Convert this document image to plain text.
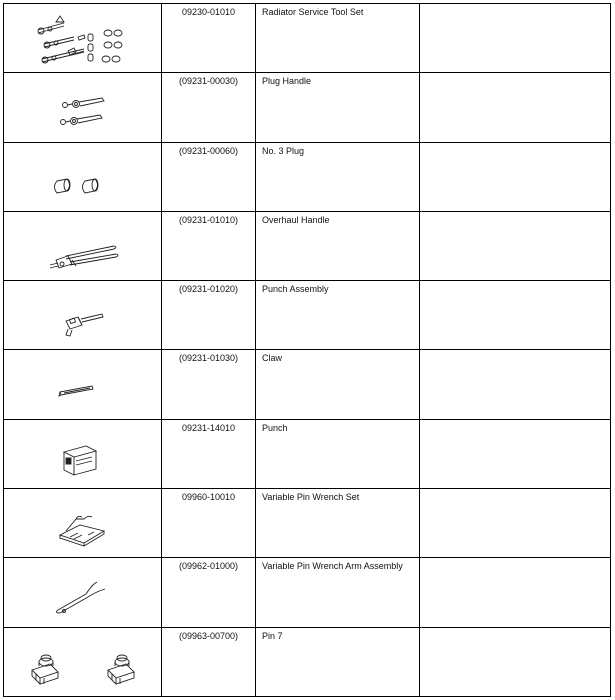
09230-01010	Radiator Service Tool Set	

(09231-00030)	Plug Handle	

(09231-00060)	No. 3 Plug	

(09231-01010)	Overhaul Handle	

(09231-01020)	Punch Assembly	

(09231-01030)	Claw	

09231-14010	Punch	

09960-10010	Variable Pin Wrench Set	

(09962-01000)	Variable Pin Wrench Arm Assembly	

(09963-00700)	Pin 7	
